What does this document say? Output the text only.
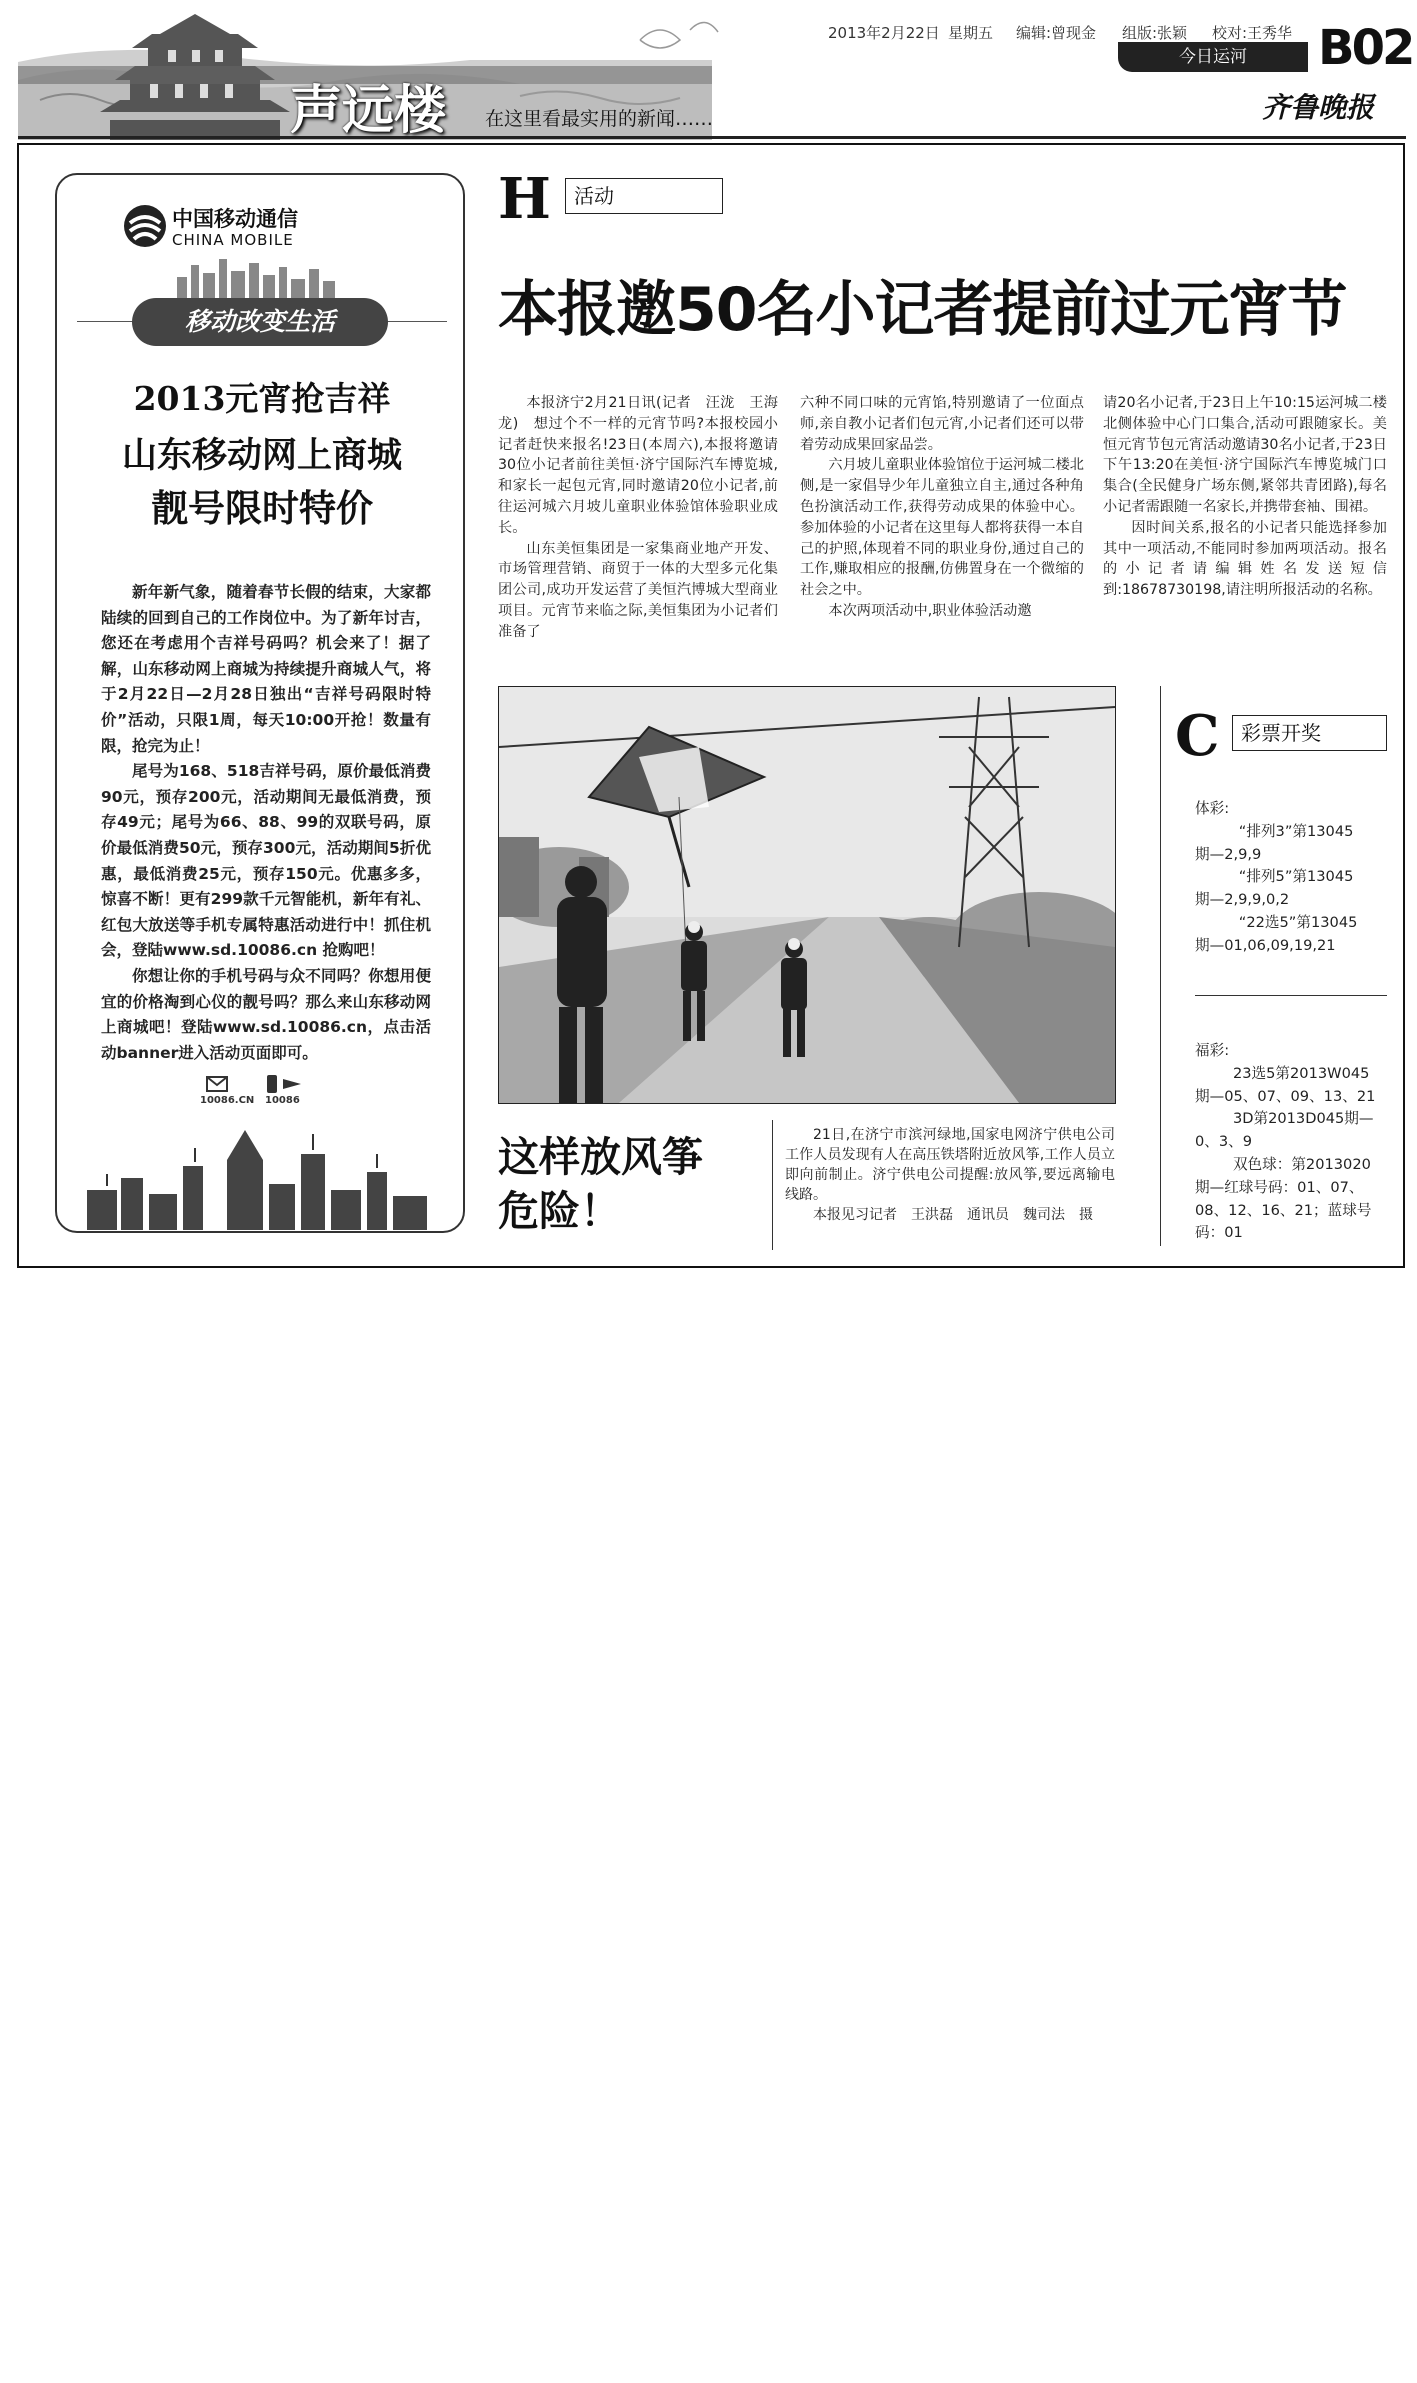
2013年2月22日 星期五 编辑:曾现金 组版:张颖 校对:王秀华 B02
今日运河
齐鲁晚报
声远楼 在这里看最实用的新闻……
中国移动通信
CHINA MOBILE
移动改变生活
2013元宵抢吉祥
山东移动网上商城
靓号限时特价

新年新气象，随着春节长假的结束，大家都陆续的回到自己的工作岗位中。为了新年讨吉，您还在考虑用个吉祥号码吗？机会来了！据了解，山东移动网上商城为持续提升商城人气，将于2月22日—2月28日独出“吉祥号码限时特价”活动，只限1周，每天10:00开抢！数量有限，抢完为止！

尾号为168、518吉祥号码，原价最低消费90元，预存200元，活动期间无最低消费，预存49元；尾号为66、88、99的双联号码，原价最低消费50元，预存300元，活动期间5折优惠，最低消费25元，预存150元。优惠多多，惊喜不断！更有299款千元智能机，新年有礼、红包大放送等手机专属特惠活动进行中！抓住机会，登陆www.sd.10086.cn 抢购吧！

你想让你的手机号码与众不同吗？你想用便宜的价格淘到心仪的靓号吗？那么来山东移动网上商城吧！登陆www.sd.10086.cn，点击活动banner进入活动页面即可。

10086.CN 10086
H	活动
本报邀50名小记者提前过元宵节

本报济宁2月21日讯(记者　汪泷　王海龙)　想过个不一样的元宵节吗?本报校园小记者赶快来报名!23日(本周六),本报将邀请30位小记者前往美恒·济宁国际汽车博览城,和家长一起包元宵,同时邀请20位小记者,前往运河城六月坡儿童职业体验馆体验职业成长。

山东美恒集团是一家集商业地产开发、市场管理营销、商贸于一体的大型多元化集团公司,成功开发运营了美恒汽博城大型商业项目。元宵节来临之际,美恒集团为小记者们准备了

六种不同口味的元宵馅,特别邀请了一位面点师,亲自教小记者们包元宵,小记者们还可以带着劳动成果回家品尝。

六月坡儿童职业体验馆位于运河城二楼北侧,是一家倡导少年儿童独立自主,通过各种角色扮演活动工作,获得劳动成果的体验中心。参加体验的小记者在这里每人都将获得一本自己的护照,体现着不同的职业身份,通过自己的工作,赚取相应的报酬,仿佛置身在一个微缩的社会之中。

本次两项活动中,职业体验活动邀

请20名小记者,于23日上午10:15运河城二楼北侧体验中心门口集合,活动可跟随家长。美恒元宵节包元宵活动邀请30名小记者,于23日下午13:20在美恒·济宁国际汽车博览城门口集合(全民健身广场东侧,紧邻共青团路),每名小记者需跟随一名家长,并携带套袖、围裙。

因时间关系,报名的小记者只能选择参加其中一项活动,不能同时参加两项活动。报名的小记者请编辑姓名发送短信到:18678730198,请注明所报活动的名称。

这样放风筝
危险！

21日,在济宁市滨河绿地,国家电网济宁供电公司工作人员发现有人在高压铁塔附近放风筝,工作人员立即向前制止。济宁供电公司提醒:放风筝,要远离输电线路。

本报见习记者　王洪磊　通讯员　魏司法　摄

C	彩票开奖
体彩:
“排列3”第13045
期—2,9,9
“排列5”第13045
期—2,9,9,0,2
“22选5”第13045
期—01,06,09,19,21
福彩:
23选5第2013W045
期—05、07、09、13、21
3D第2013D045期—
0、3、9
双色球：第2013020
期—红球号码：01、07、
08、12、16、21；蓝球号
码：01
